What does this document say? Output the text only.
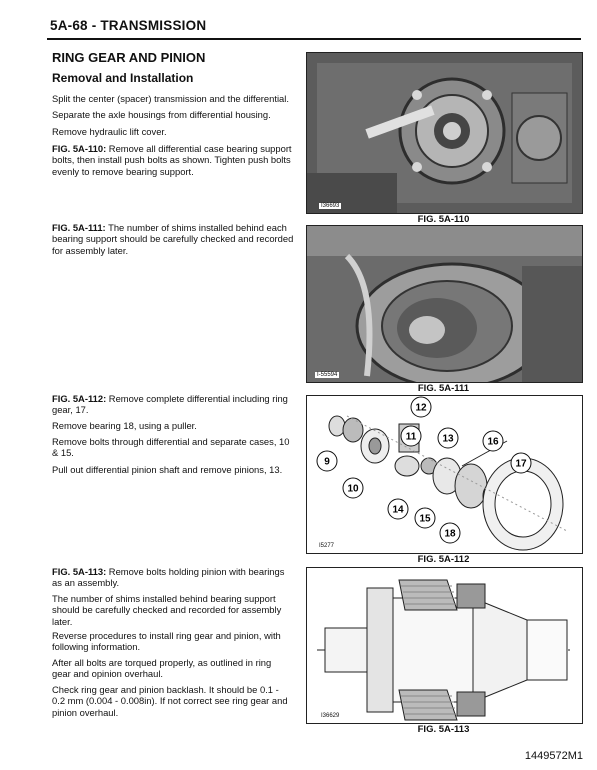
5A-68 - TRANSMISSION
RING GEAR AND PINION
Removal and Installation

Split the center (spacer) transmission and the differential.

Separate the axle housings from differential housing.

Remove hydraulic lift cover.

FIG. 5A-110: Remove all differential case bearing support bolts, then install push bolts as shown. Tighten push bolts evenly to remove bearing support.

FIG. 5A-111: The number of shims installed behind each bearing support should be carefully checked and recorded for assembly later.

FIG. 5A-112: Remove complete differential including ring gear, 17.

Remove bearing 18, using a puller.

Remove bolts through differential and separate cases, 10 & 15.

Pull out differential pinion shaft and remove pinions, 13.

FIG. 5A-113: Remove bolts holding pinion with bearings as an assembly.

The number of shims installed behind bearing support should be carefully checked and recorded for assembly later.

Reverse procedures to install ring gear and pinion, with following information.

After all bolts are torqued properly, as outlined in ring gear and opinion overhaul.

Check ring gear and pinion backlash. It should be 0.1 - 0.2 mm (0.004 - 0.008in). If not correct see ring gear and pinion overhaul.

I36693
FIG. 5A-110
I-55594
FIG. 5A-111
9
10
11
12
13
14
15
16
17
18
I5277
FIG. 5A-112
I36629
FIG. 5A-113
1449572M1
